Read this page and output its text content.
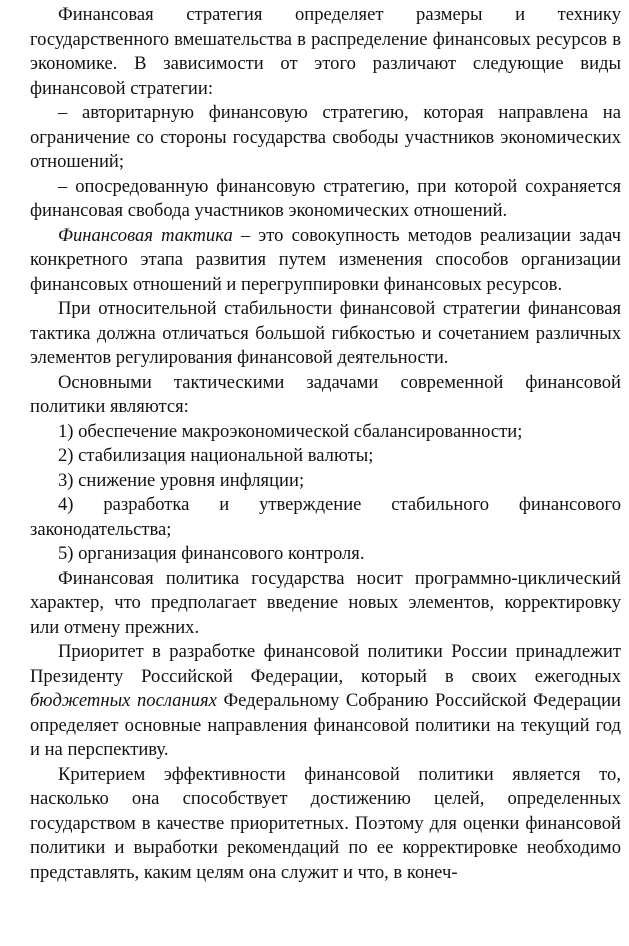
Финансовая стратегия определяет размеры и технику государственного вмешательства в распределение финансовых ресурсов в экономике. В зависимости от этого различают следующие виды финансовой стратегии:

– авторитарную финансовую стратегию, которая направлена на ограничение со стороны государства свободы участников экономических отношений;

– опосредованную финансовую стратегию, при которой сохраняется финансовая свобода участников экономических отношений.

Финансовая тактика – это совокупность методов реализации задач конкретного этапа развития путем изменения способов организации финансовых отношений и перегруппировки финансовых ресурсов.

При относительной стабильности финансовой стратегии финансовая тактика должна отличаться большой гибкостью и сочетанием различных элементов регулирования финансовой деятельности.

Основными тактическими задачами современной финансовой политики являются:

1) обеспечение макроэкономической сбалансированности;

2) стабилизация национальной валюты;

3) снижение уровня инфляции;

4) разработка и утверждение стабильного финансового законодательства;

5) организация финансового контроля.

Финансовая политика государства носит программно-циклический характер, что предполагает введение новых элементов, корректировку или отмену прежних.

Приоритет в разработке финансовой политики России принадлежит Президенту Российской Федерации, который в своих ежегодных бюджетных посланиях Федеральному Собранию Российской Федерации определяет основные направления финансовой политики на текущий год и на перспективу.

Критерием эффективности финансовой политики является то, насколько она способствует достижению целей, определенных государством в качестве приоритетных. Поэтому для оценки финансовой политики и выработки рекомендаций по ее корректировке необходимо представлять, каким целям она служит и что, в конеч-
